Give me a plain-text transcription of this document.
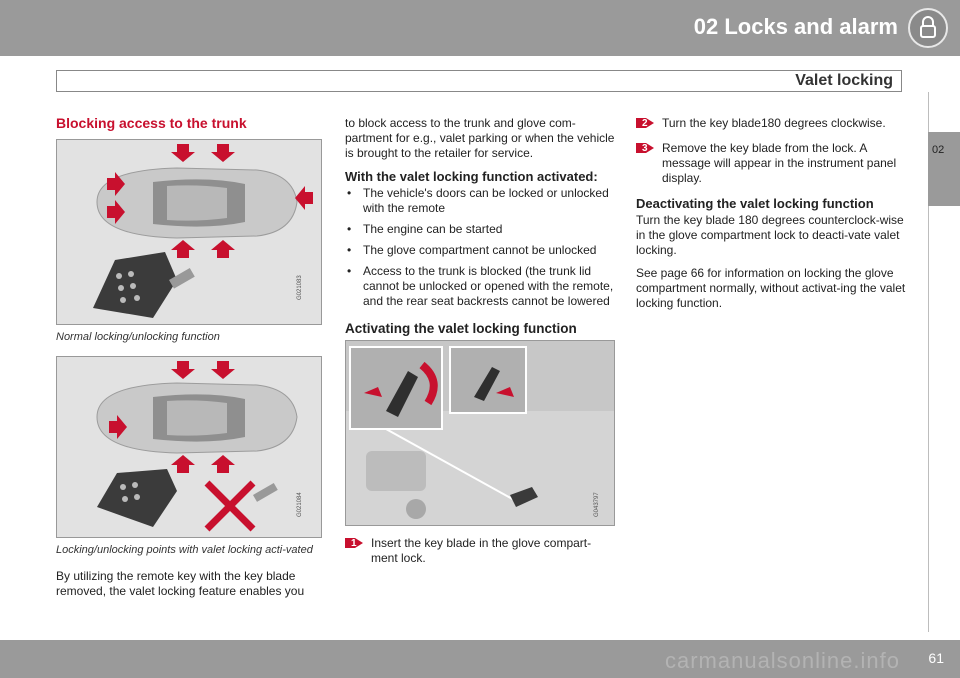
02 Locks and alarm
Valet locking
02
Blocking access to the trunk
G021083
Normal locking/unlocking function
G021084
Locking/unlocking points with valet locking acti-vated

By utilizing the remote key with the key blade removed, the valet locking feature enables you

to block access to the trunk and glove com-partment for e.g., valet parking or when the vehicle is brought to the retailer for service.

With the valet locking function activated:
• The vehicle's doors can be locked or unlocked with the remote
• The engine can be started
• The glove compartment cannot be unlocked
• Access to the trunk is blocked (the trunk lid cannot be unlocked or opened with the remote, and the rear seat backrests cannot be lowered
Activating the valet locking function
G043797
1 Insert the key blade in the glove compart-ment lock.
2 Turn the key blade180 degrees clockwise.
3 Remove the key blade from the lock. A message will appear in the instrument panel display.
Deactivating the valet locking function

Turn the key blade 180 degrees counterclock-wise in the glove compartment lock to deacti-vate valet locking.

See page 66 for information on locking the glove compartment normally, without activat-ing the valet locking function.

carmanualsonline.info 61
